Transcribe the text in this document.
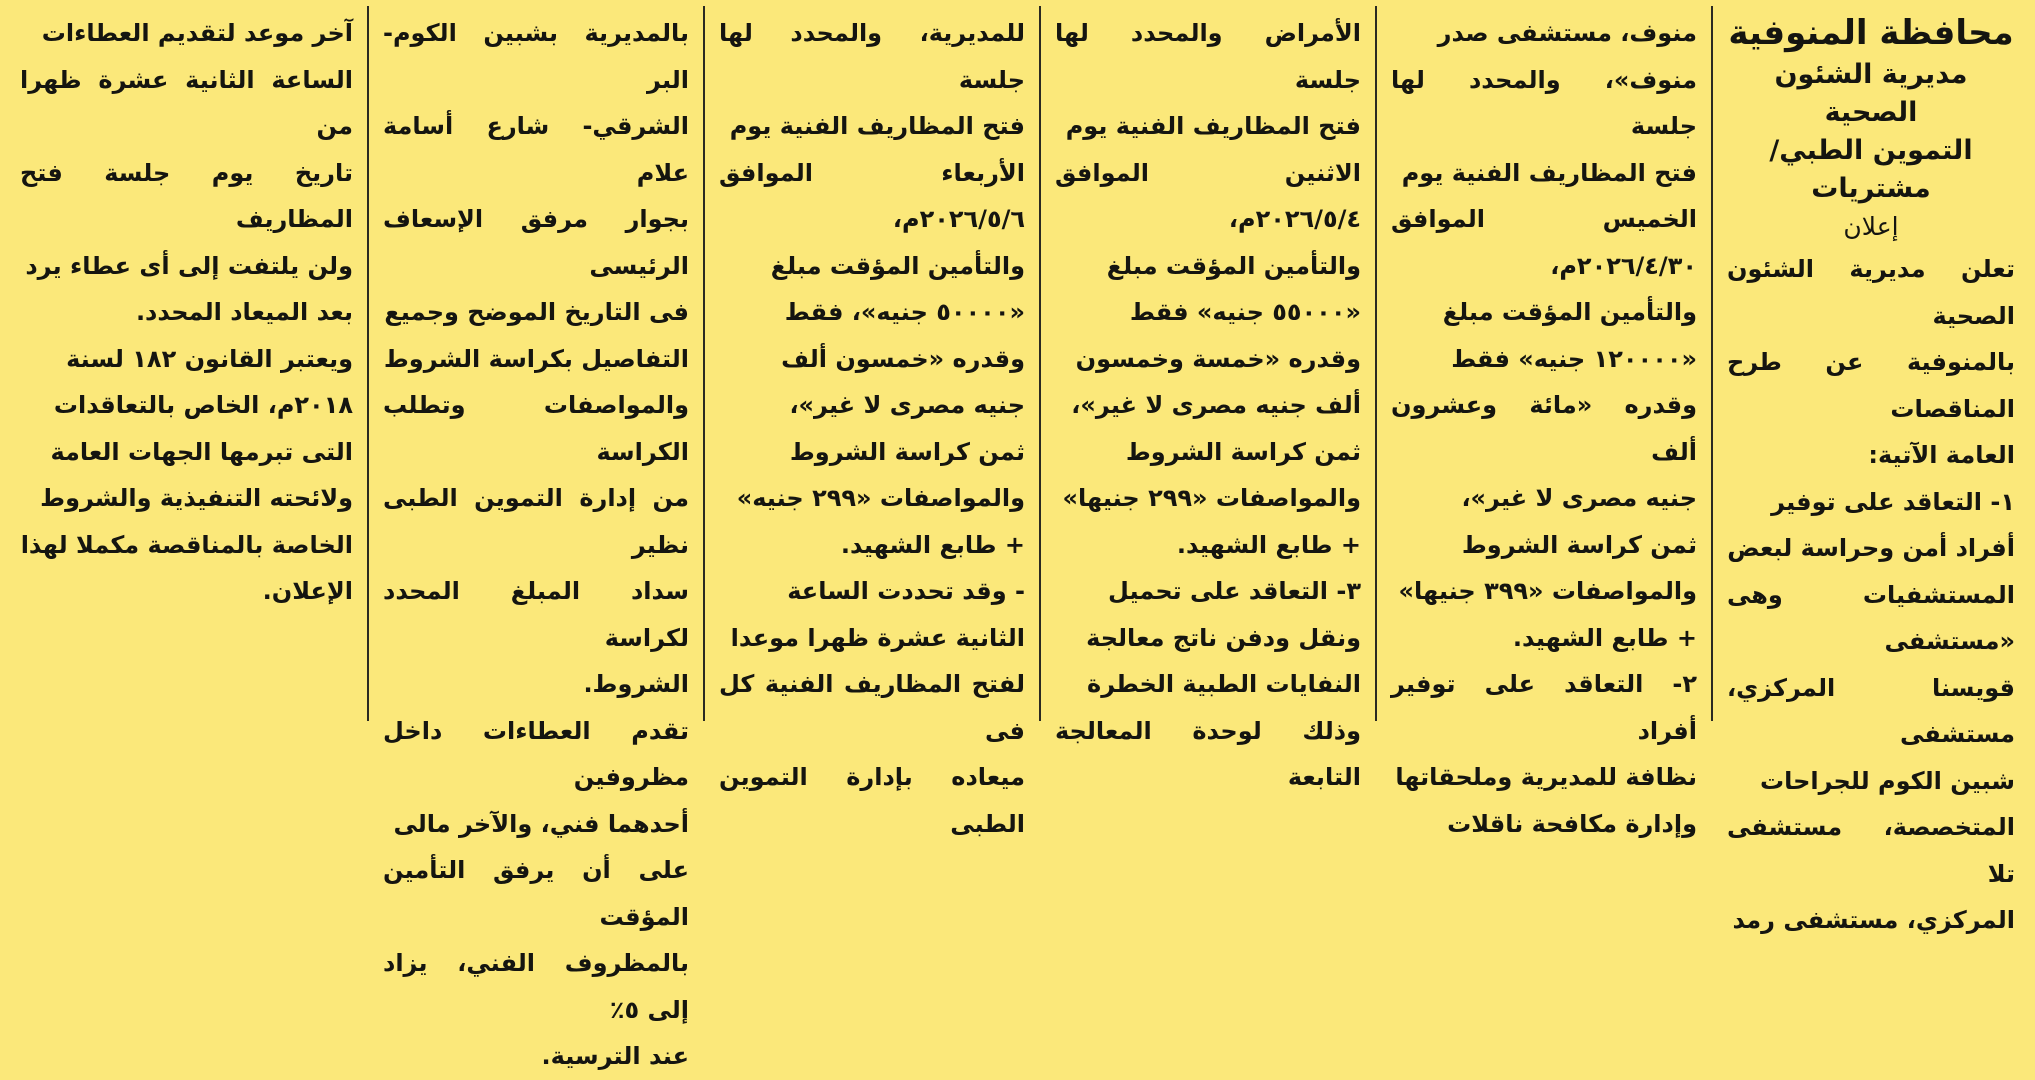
محافظة المنوفية
مديرية الشئون الصحية
التموين الطبي/ مشتريات
إعلان

تعلن مديرية الشئون الصحية

بالمنوفية عن طرح المناقصات

العامة الآتية:

١- التعاقد على توفير

أفراد أمن وحراسة لبعض

المستشفيات وهى «مستشفى

قويسنا المركزي، مستشفى

شبين الكوم للجراحات

المتخصصة، مستشفى تلا

المركزي، مستشفى رمد

منوف، مستشفى صدر

منوف»، والمحدد لها جلسة

فتح المظاريف الفنية يوم

الخميس الموافق ٢٠٢٦/٤/٣٠م،

والتأمين المؤقت مبلغ

«١٢٠٠٠٠ جنيه» فقط

وقدره «مائة وعشرون ألف

جنيه مصرى لا غير»،

ثمن كراسة الشروط

والمواصفات «٣٩٩ جنيها»

+ طابع الشهيد.

٢- التعاقد على توفير أفراد

نظافة للمديرية وملحقاتها

وإدارة مكافحة ناقلات

الأمراض والمحدد لها جلسة

فتح المظاريف الفنية يوم

الاثنين الموافق ٢٠٢٦/٥/٤م،

والتأمين المؤقت مبلغ

«٥٥٠٠٠ جنيه» فقط

وقدره «خمسة وخمسون

ألف جنيه مصرى لا غير»،

ثمن كراسة الشروط

والمواصفات «٢٩٩ جنيها»

+ طابع الشهيد.

٣- التعاقد على تحميل

ونقل ودفن ناتج معالجة

النفايات الطبية الخطرة

وذلك لوحدة المعالجة التابعة

للمديرية، والمحدد لها جلسة

فتح المظاريف الفنية يوم

الأربعاء الموافق ٢٠٢٦/٥/٦م،

والتأمين المؤقت مبلغ

«٥٠٠٠٠ جنيه»، فقط

وقدره «خمسون ألف

جنيه مصرى لا غير»،

ثمن كراسة الشروط

والمواصفات «٢٩٩ جنيه»

+ طابع الشهيد.

- وقد تحددت الساعة

الثانية عشرة ظهرا موعدا

لفتح المظاريف الفنية كل فى

ميعاده بإدارة التموين الطبى

بالمديرية بشبين الكوم- البر

الشرقي- شارع أسامة علام

بجوار مرفق الإسعاف الرئيسى

فى التاريخ الموضح وجميع

التفاصيل بكراسة الشروط

والمواصفات وتطلب الكراسة

من إدارة التموين الطبى نظير

سداد المبلغ المحدد لكراسة

الشروط.

تقدم العطاءات داخل مظروفين

أحدهما فني، والآخر مالى

على أن يرفق التأمين المؤقت

بالمظروف الفني، يزاد إلى ٥٪

عند الترسية.

آخر موعد لتقديم العطاءات

الساعة الثانية عشرة ظهرا من

تاريخ يوم جلسة فتح المظاريف

ولن يلتفت إلى أى عطاء يرد

بعد الميعاد المحدد.

ويعتبر القانون ١٨٢ لسنة

٢٠١٨م، الخاص بالتعاقدات

التى تبرمها الجهات العامة

ولائحته التنفيذية والشروط

الخاصة بالمناقصة مكملا لهذا

الإعلان.
